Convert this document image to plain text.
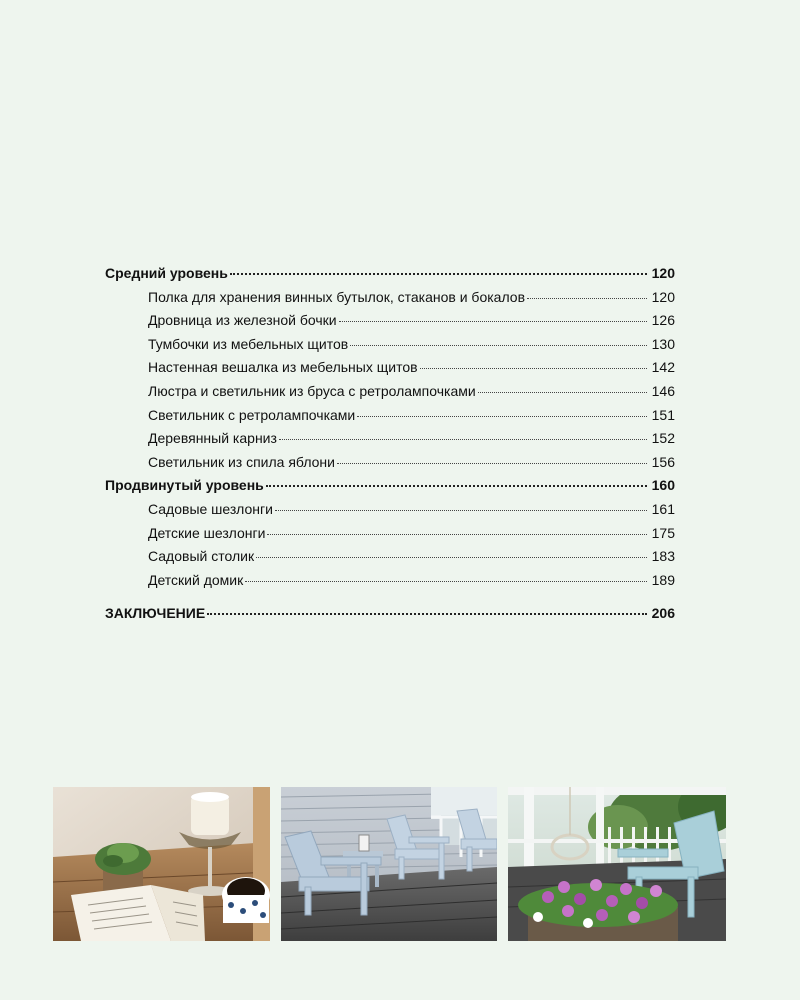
Средний уровень	120
Полка для хранения винных бутылок, стаканов и бокалов	120
Дровница из железной бочки	126
Тумбочки из мебельных щитов	130
Настенная вешалка из мебельных щитов	142
Люстра и светильник из бруса с ретролампочками	146
Светильник с ретролампочками	151
Деревянный карниз	152
Светильник из спила яблони	156
Продвинутый уровень	160
Садовые шезлонги	161
Детские шезлонги	175
Садовый столик	183
Детский домик	189
ЗАКЛЮЧЕНИЕ	206
